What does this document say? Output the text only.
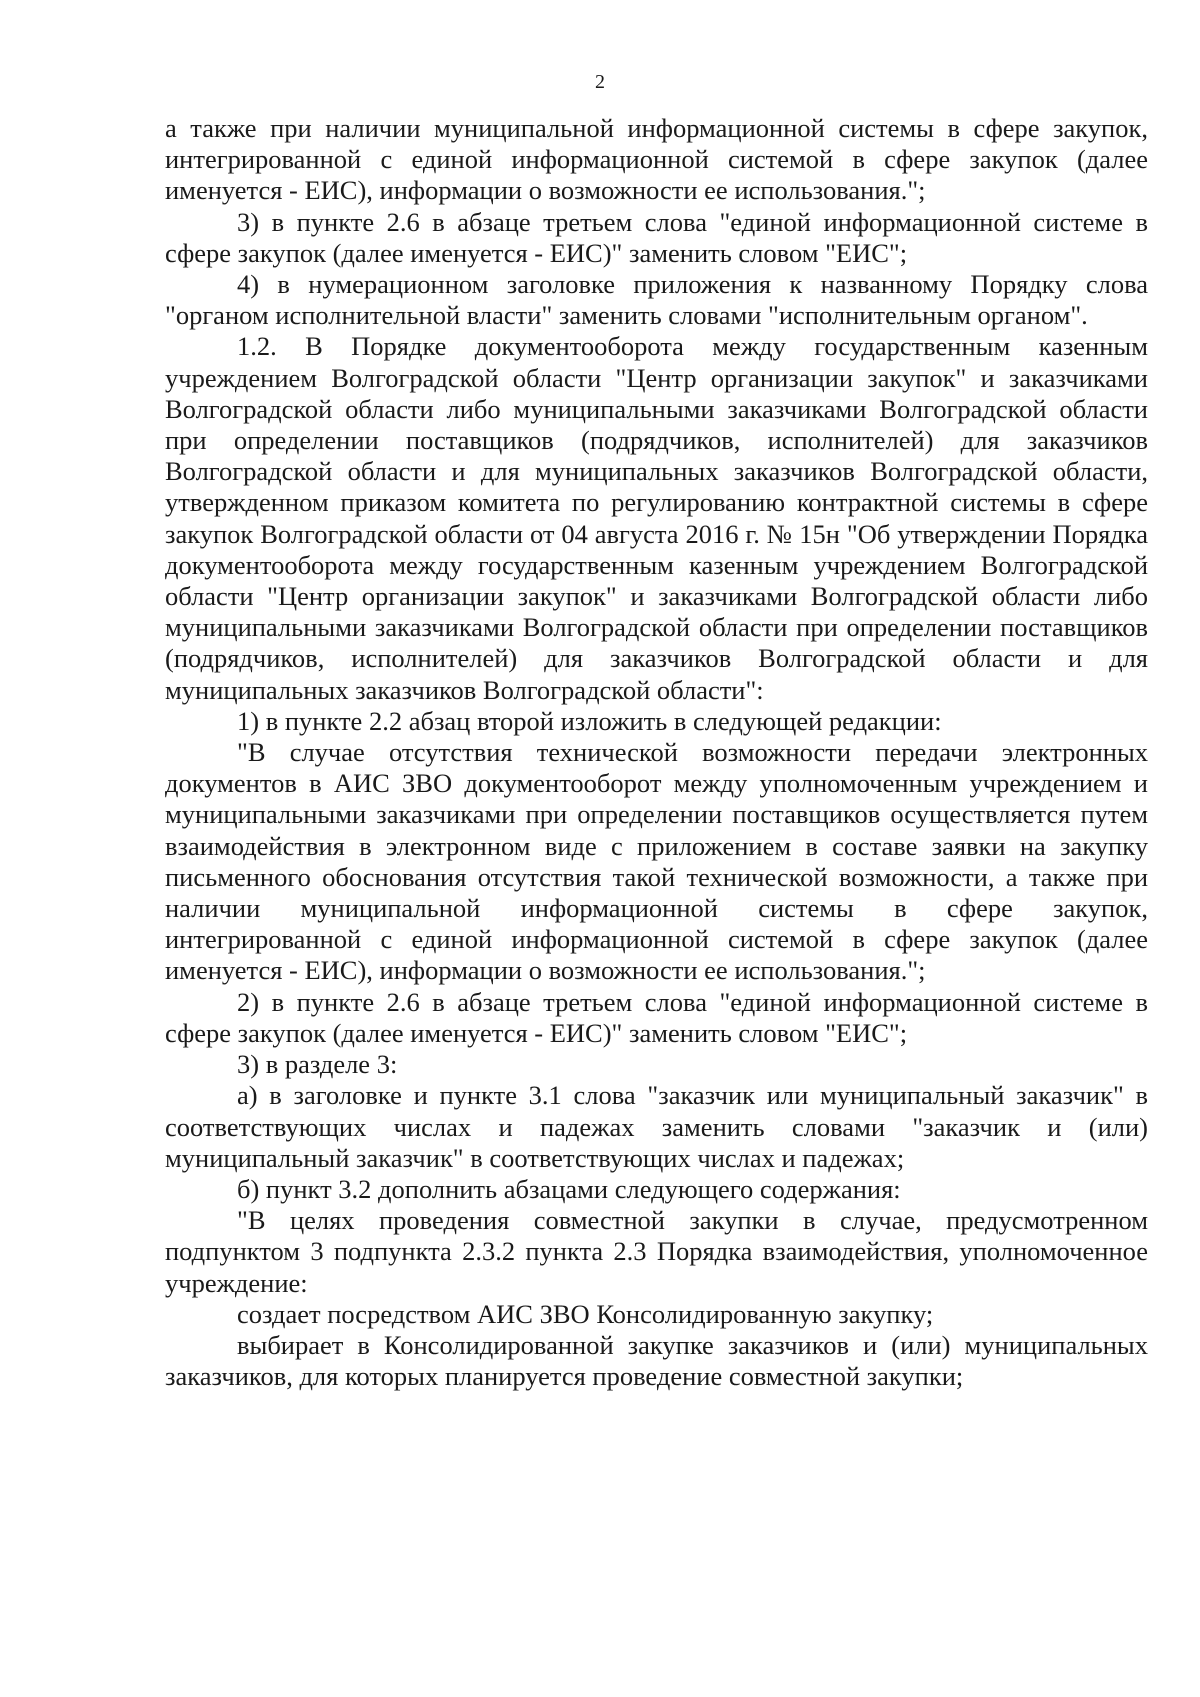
2

а также при наличии муниципальной информационной системы в сфере закупок, интегрированной с единой информационной системой в сфере закупок (далее именуется - ЕИС), информации о возможности ее использования.";

3) в пункте 2.6 в абзаце третьем слова "единой информационной системе в сфере закупок (далее именуется - ЕИС)" заменить словом "ЕИС";

4) в нумерационном заголовке приложения к названному Порядку слова "органом исполнительной власти" заменить словами "исполнительным органом".

1.2. В Порядке документооборота между государственным казенным учреждением Волгоградской области "Центр организации закупок" и заказчиками Волгоградской области либо муниципальными заказчиками Волгоградской области при определении поставщиков (подрядчиков, исполнителей) для заказчиков Волгоградской области и для муниципальных заказчиков Волгоградской области, утвержденном приказом комитета по регулированию контрактной системы в сфере закупок Волгоградской области от 04 августа 2016 г. № 15н "Об утверждении Порядка документооборота между государственным казенным учреждением Волгоградской области "Центр организации закупок" и заказчиками Волгоградской области либо муниципальными заказчиками Волгоградской области при определении поставщиков (подрядчиков, исполнителей) для заказчиков Волгоградской области и для муниципальных заказчиков Волгоградской области":

1) в пункте 2.2 абзац второй изложить в следующей редакции:

"В случае отсутствия технической возможности передачи электронных документов в АИС ЗВО документооборот между уполномоченным учреждением и муниципальными заказчиками при определении поставщиков осуществляется путем взаимодействия в электронном виде с приложением в составе заявки на закупку письменного обоснования отсутствия такой технической возможности, а также при наличии муниципальной информационной системы в сфере закупок, интегрированной с единой информационной системой в сфере закупок (далее именуется - ЕИС), информации о возможности ее использования.";

2) в пункте 2.6 в абзаце третьем слова "единой информационной системе в сфере закупок (далее именуется - ЕИС)" заменить словом "ЕИС";

3) в разделе 3:

а) в заголовке и пункте 3.1 слова "заказчик или муниципальный заказчик" в соответствующих числах и падежах заменить словами "заказчик и (или) муниципальный заказчик" в соответствующих числах и падежах;

б) пункт 3.2 дополнить абзацами следующего содержания:

"В целях проведения совместной закупки в случае, предусмотренном подпунктом 3 подпункта 2.3.2 пункта 2.3 Порядка взаимодействия, уполномоченное учреждение:

создает посредством АИС ЗВО Консолидированную закупку;

выбирает в Консолидированной закупке заказчиков и (или) муниципальных заказчиков, для которых планируется проведение совместной закупки;
